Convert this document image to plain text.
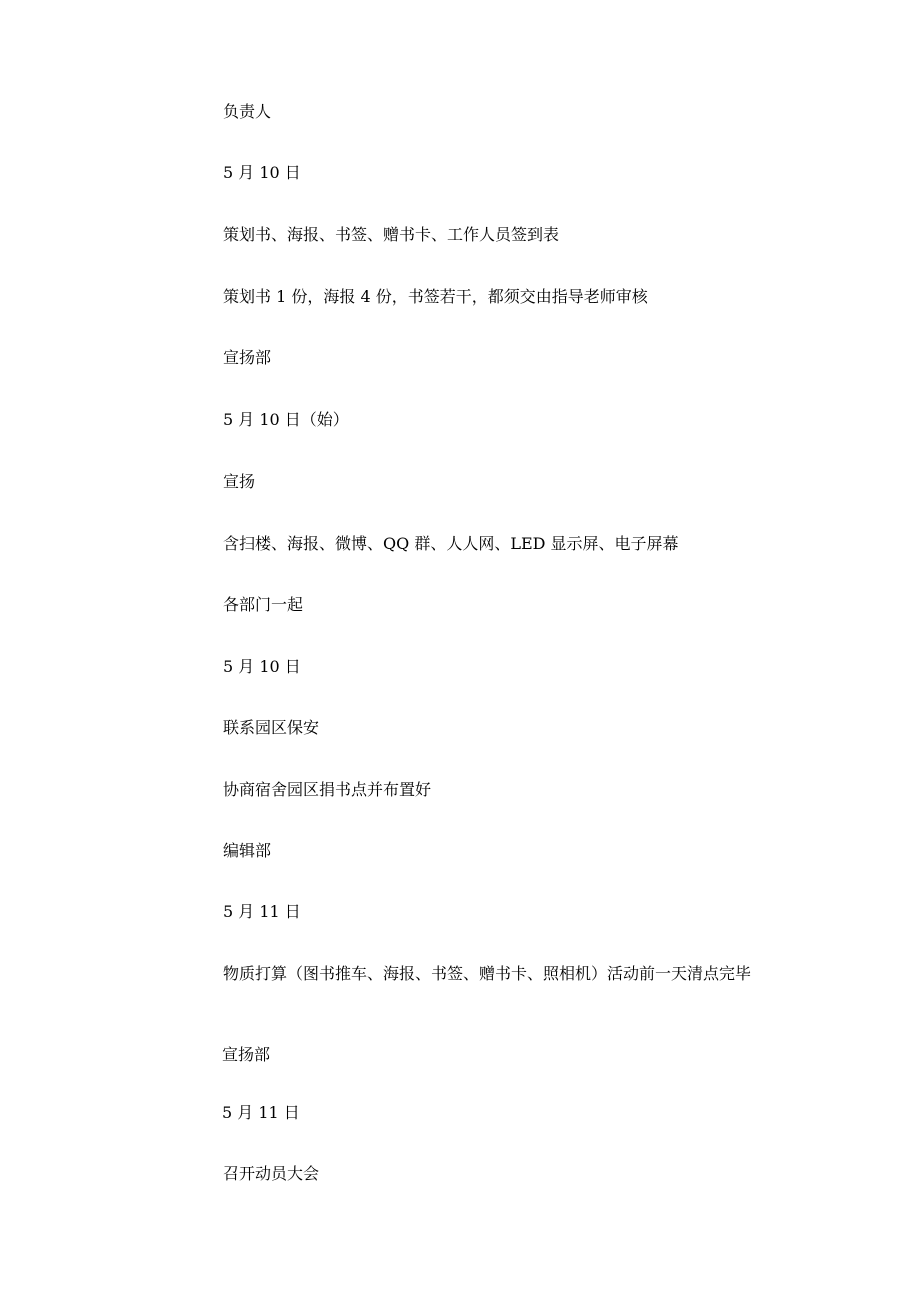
负责人
5 月 10 日
策划书、海报、书签、赠书卡、工作人员签到表
策划书 1 份，海报 4 份，书签若干，都须交由指导老师审核
宣扬部
5 月 10 日（始）
宣扬
含扫楼、海报、微博、QQ 群、人人网、LED 显示屏、电子屏幕
各部门一起
5 月 10 日
联系园区保安
协商宿舍园区捐书点并布置好
编辑部
5 月 11 日
物质打算（图书推车、海报、书签、赠书卡、照相机）活动前一天清点完毕
宣扬部
5 月 11 日
召开动员大会
